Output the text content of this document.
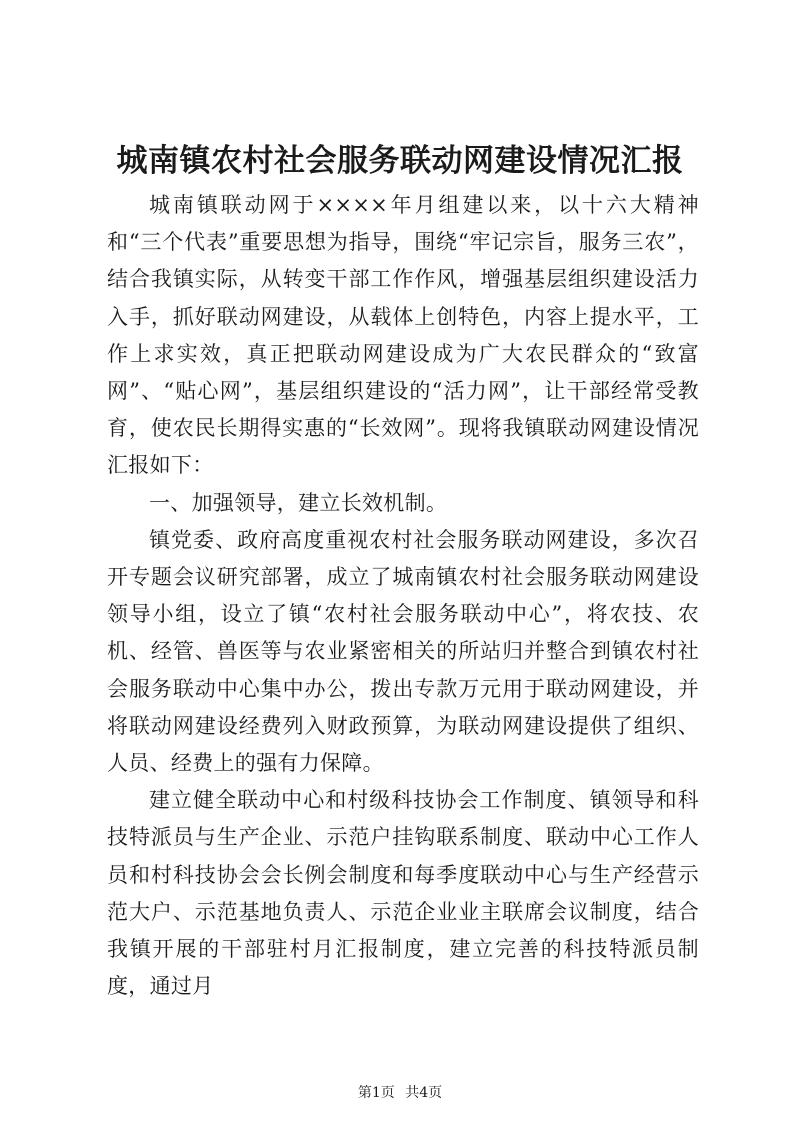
城南镇农村社会服务联动网建设情况汇报

城南镇联动网于××××年月组建以来，以十六大精神和“三个代表”重要思想为指导，围绕“牢记宗旨，服务三农”，结合我镇实际，从转变干部工作作风，增强基层组织建设活力入手，抓好联动网建设，从载体上创特色，内容上提水平，工作上求实效，真正把联动网建设成为广大农民群众的“致富网”、“贴心网”，基层组织建设的“活力网”，让干部经常受教育，使农民长期得实惠的“长效网”。现将我镇联动网建设情况汇报如下：

一、加强领导，建立长效机制。

镇党委、政府高度重视农村社会服务联动网建设，多次召开专题会议研究部署，成立了城南镇农村社会服务联动网建设领导小组，设立了镇“农村社会服务联动中心”，将农技、农机、经管、兽医等与农业紧密相关的所站归并整合到镇农村社会服务联动中心集中办公，拨出专款万元用于联动网建设，并将联动网建设经费列入财政预算，为联动网建设提供了组织、人员、经费上的强有力保障。

建立健全联动中心和村级科技协会工作制度、镇领导和科技特派员与生产企业、示范户挂钩联系制度、联动中心工作人员和村科技协会会长例会制度和每季度联动中心与生产经营示范大户、示范基地负责人、示范企业业主联席会议制度，结合我镇开展的干部驻村月汇报制度，建立完善的科技特派员制度，通过月

第1页 共4页
